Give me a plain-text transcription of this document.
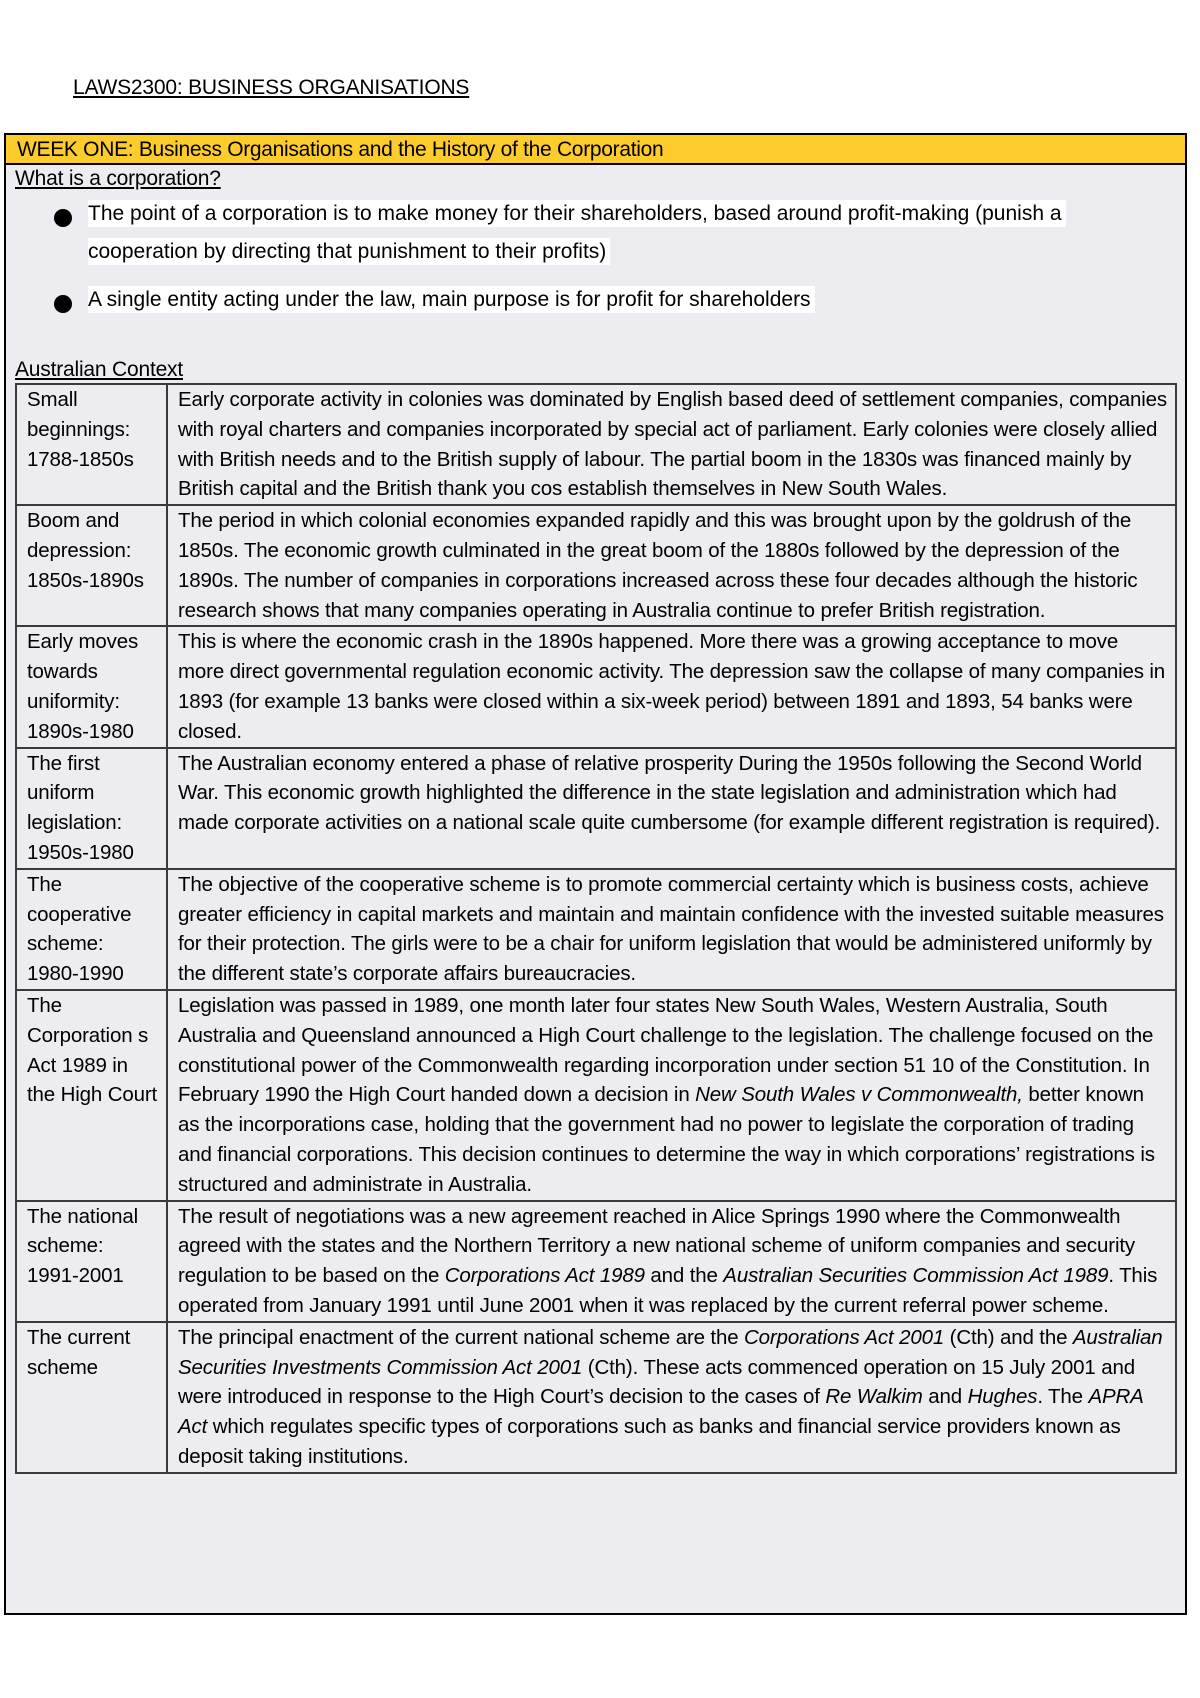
LAWS2300: BUSINESS ORGANISATIONS
WEEK ONE: Business Organisations and the History of the Corporation
What is a corporation?
The point of a corporation is to make money for their shareholders, based around profit-making (punish a
cooperation by directing that punishment to their profits)
A single entity acting under the law, main purpose is for profit for shareholders
Australian Context
Small beginnings: 1788-1850s	Early corporate activity in colonies was dominated by English based deed of settlement companies, companies with royal charters and companies incorporated by special act of parliament. Early colonies were closely allied with British needs and to the British supply of labour. The partial boom in the 1830s was financed mainly by British capital and the British thank you cos establish themselves in New South Wales.
Boom and depression: 1850s-1890s	The period in which colonial economies expanded rapidly and this was brought upon by the goldrush of the 1850s. The economic growth culminated in the great boom of the 1880s followed by the depression of the 1890s. The number of companies in corporations increased across these four decades although the historic research shows that many companies operating in Australia continue to prefer British registration.
Early moves towards uniformity: 1890s-1980	This is where the economic crash in the 1890s happened. More there was a growing acceptance to move more direct governmental regulation economic activity. The depression saw the collapse of many companies in 1893 (for example 13 banks were closed within a six-week period) between 1891 and 1893, 54 banks were closed.
The first uniform legislation: 1950s-1980	The Australian economy entered a phase of relative prosperity During the 1950s following the Second World War. This economic growth highlighted the difference in the state legislation and administration which had made corporate activities on a national scale quite cumbersome (for example different registration is required).
The cooperative scheme: 1980-1990	The objective of the cooperative scheme is to promote commercial certainty which is business costs, achieve greater efficiency in capital markets and maintain and maintain confidence with the invested suitable measures for their protection. The girls were to be a chair for uniform legislation that would be administered uniformly by the different state’s corporate affairs bureaucracies.
The Corporation s Act 1989 in the High Court	Legislation was passed in 1989, one month later four states New South Wales, Western Australia, South Australia and Queensland announced a High Court challenge to the legislation. The challenge focused on the constitutional power of the Commonwealth regarding incorporation under section 51 10 of the Constitution. In February 1990 the High Court handed down a decision in New South Wales v Commonwealth, better known as the incorporations case, holding that the government had no power to legislate the corporation of trading and financial corporations. This decision continues to determine the way in which corporations’ registrations is structured and administrate in Australia.
The national scheme: 1991-2001	The result of negotiations was a new agreement reached in Alice Springs 1990 where the Commonwealth agreed with the states and the Northern Territory a new national scheme of uniform companies and security regulation to be based on the Corporations Act 1989 and the Australian Securities Commission Act 1989. This operated from January 1991 until June 2001 when it was replaced by the current referral power scheme.
The current scheme	The principal enactment of the current national scheme are the Corporations Act 2001 (Cth) and the Australian Securities Investments Commission Act 2001 (Cth). These acts commenced operation on 15 July 2001 and were introduced in response to the High Court’s decision to the cases of Re Walkim and Hughes. The APRA Act which regulates specific types of corporations such as banks and financial service providers known as deposit taking institutions.
